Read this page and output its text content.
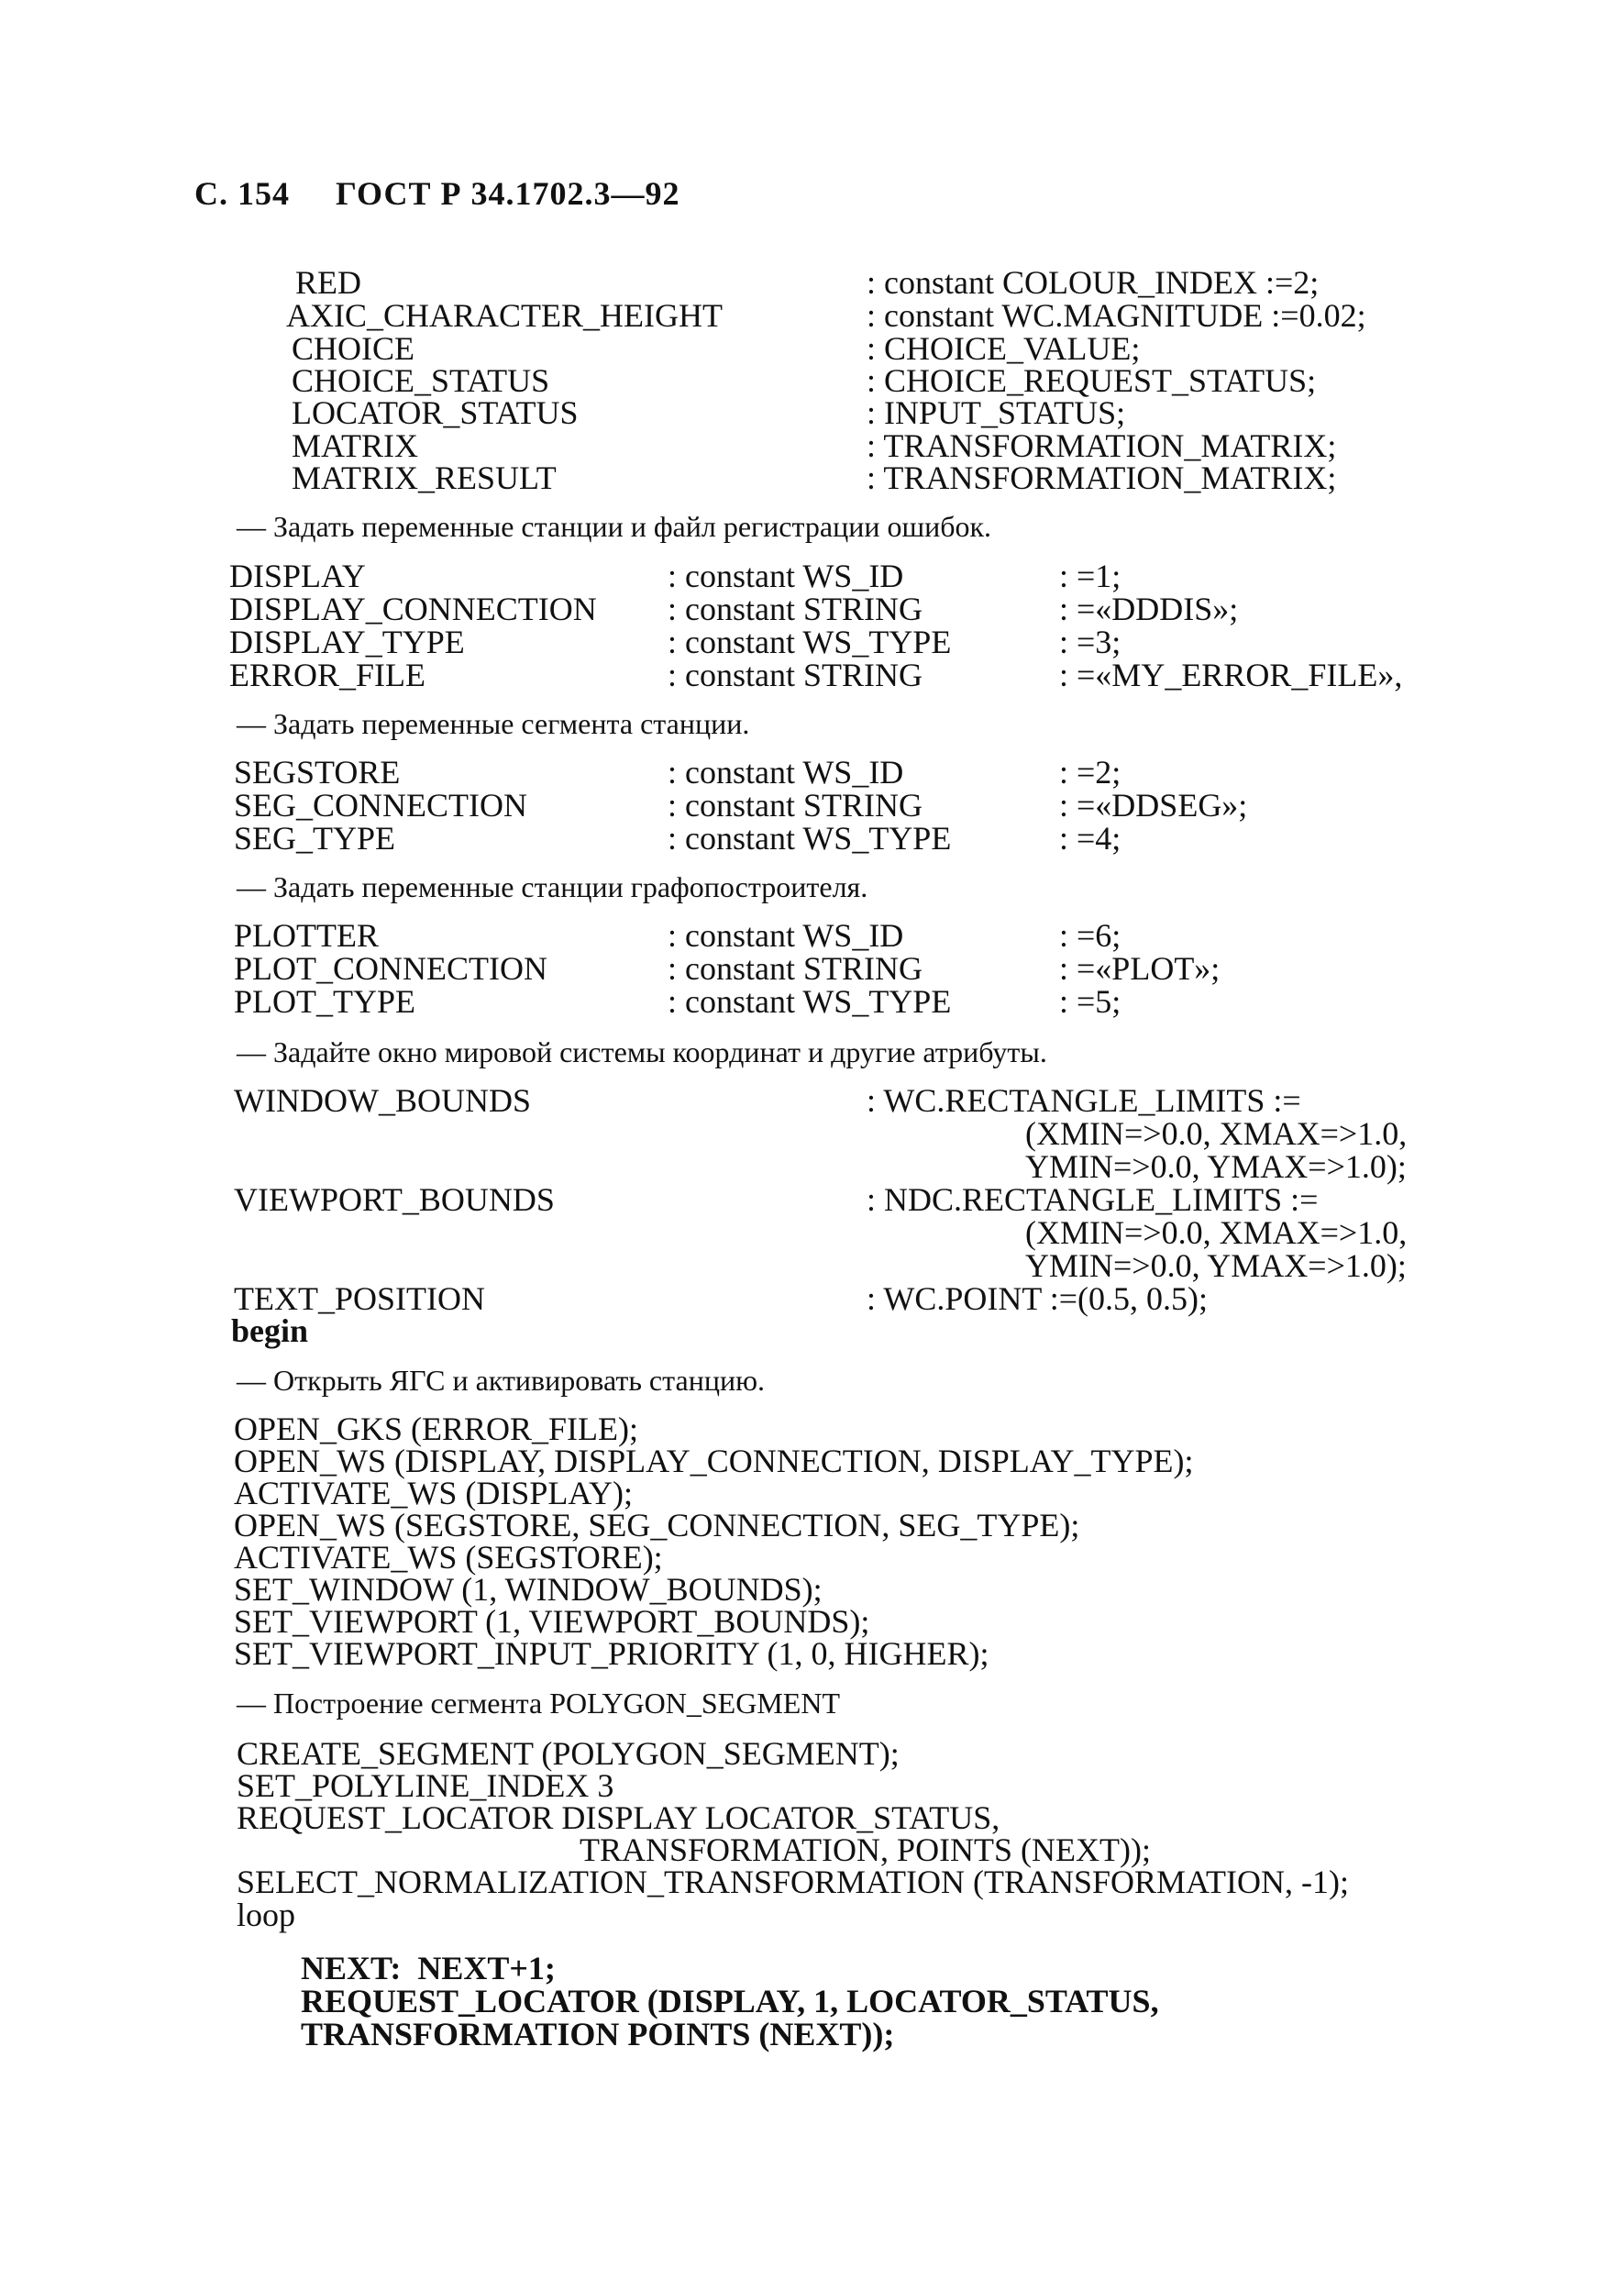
С. 154 ГОСТ Р 34.1702.3—92
RED	: constant COLOUR_INDEX :=2;
AXIC_CHARACTER_HEIGHT	: constant WC.MAGNITUDE :=0.02;
CHOICE	: CHOICE_VALUE;
CHOICE_STATUS	: CHOICE_REQUEST_STATUS;
LOCATOR_STATUS	: INPUT_STATUS;
MATRIX	: TRANSFORMATION_MATRIX;
MATRIX_RESULT	: TRANSFORMATION_MATRIX;
— Задать переменные станции и файл регистрации ошибок.
DISPLAY	: constant WS_ID	: =1;
DISPLAY_CONNECTION : constant STRING	: =«DDDIS»;
DISPLAY_TYPE	: constant WS_TYPE	: =3;
ERROR_FILE	: constant STRING	: =«MY_ERROR_FILE»,
— Задать переменные сегмента станции.
SEGSTORE	: constant WS_ID	: =2;
SEG_CONNECTION	: constant STRING	: =«DDSEG»;
SEG_TYPE	: constant WS_TYPE	: =4;
— Задать переменные станции графопостроителя.
PLOTTER	: constant WS_ID	: =6;
PLOT_CONNECTION	: constant STRING	: =«PLOT»;
PLOT_TYPE	: constant WS_TYPE	: =5;
— Задайте окно мировой системы координат и другие атрибуты.
WINDOW_BOUNDS	: WC.RECTANGLE_LIMITS :=
(XMIN=>0.0, XMAX=>1.0,
YMIN=>0.0, YMAX=>1.0);
VIEWPORT_BOUNDS	: NDC.RECTANGLE_LIMITS :=
(XMIN=>0.0, XMAX=>1.0,
YMIN=>0.0, YMAX=>1.0);
TEXT_POSITION	: WC.POINT :=(0.5, 0.5);
begin
— Открыть ЯГС и активировать станцию.
OPEN_GKS (ERROR_FILE);
OPEN_WS (DISPLAY, DISPLAY_CONNECTION, DISPLAY_TYPE);
ACTIVATE_WS (DISPLAY);
OPEN_WS (SEGSTORE, SEG_CONNECTION, SEG_TYPE);
ACTIVATE_WS (SEGSTORE);
SET_WINDOW (1, WINDOW_BOUNDS);
SET_VIEWPORT (1, VIEWPORT_BOUNDS);
SET_VIEWPORT_INPUT_PRIORITY (1, 0, HIGHER);
— Построение сегмента POLYGON_SEGMENT
CREATE_SEGMENT (POLYGON_SEGMENT);
SET_POLYLINE_INDEX 3
REQUEST_LOCATOR DISPLAY LOCATOR_STATUS,
TRANSFORMATION, POINTS (NEXT));
SELECT_NORMALIZATION_TRANSFORMATION (TRANSFORMATION, -1);
loop
NEXT:  NEXT+1;
REQUEST_LOCATOR (DISPLAY, 1, LOCATOR_STATUS,
TRANSFORMATION POINTS (NEXT));
